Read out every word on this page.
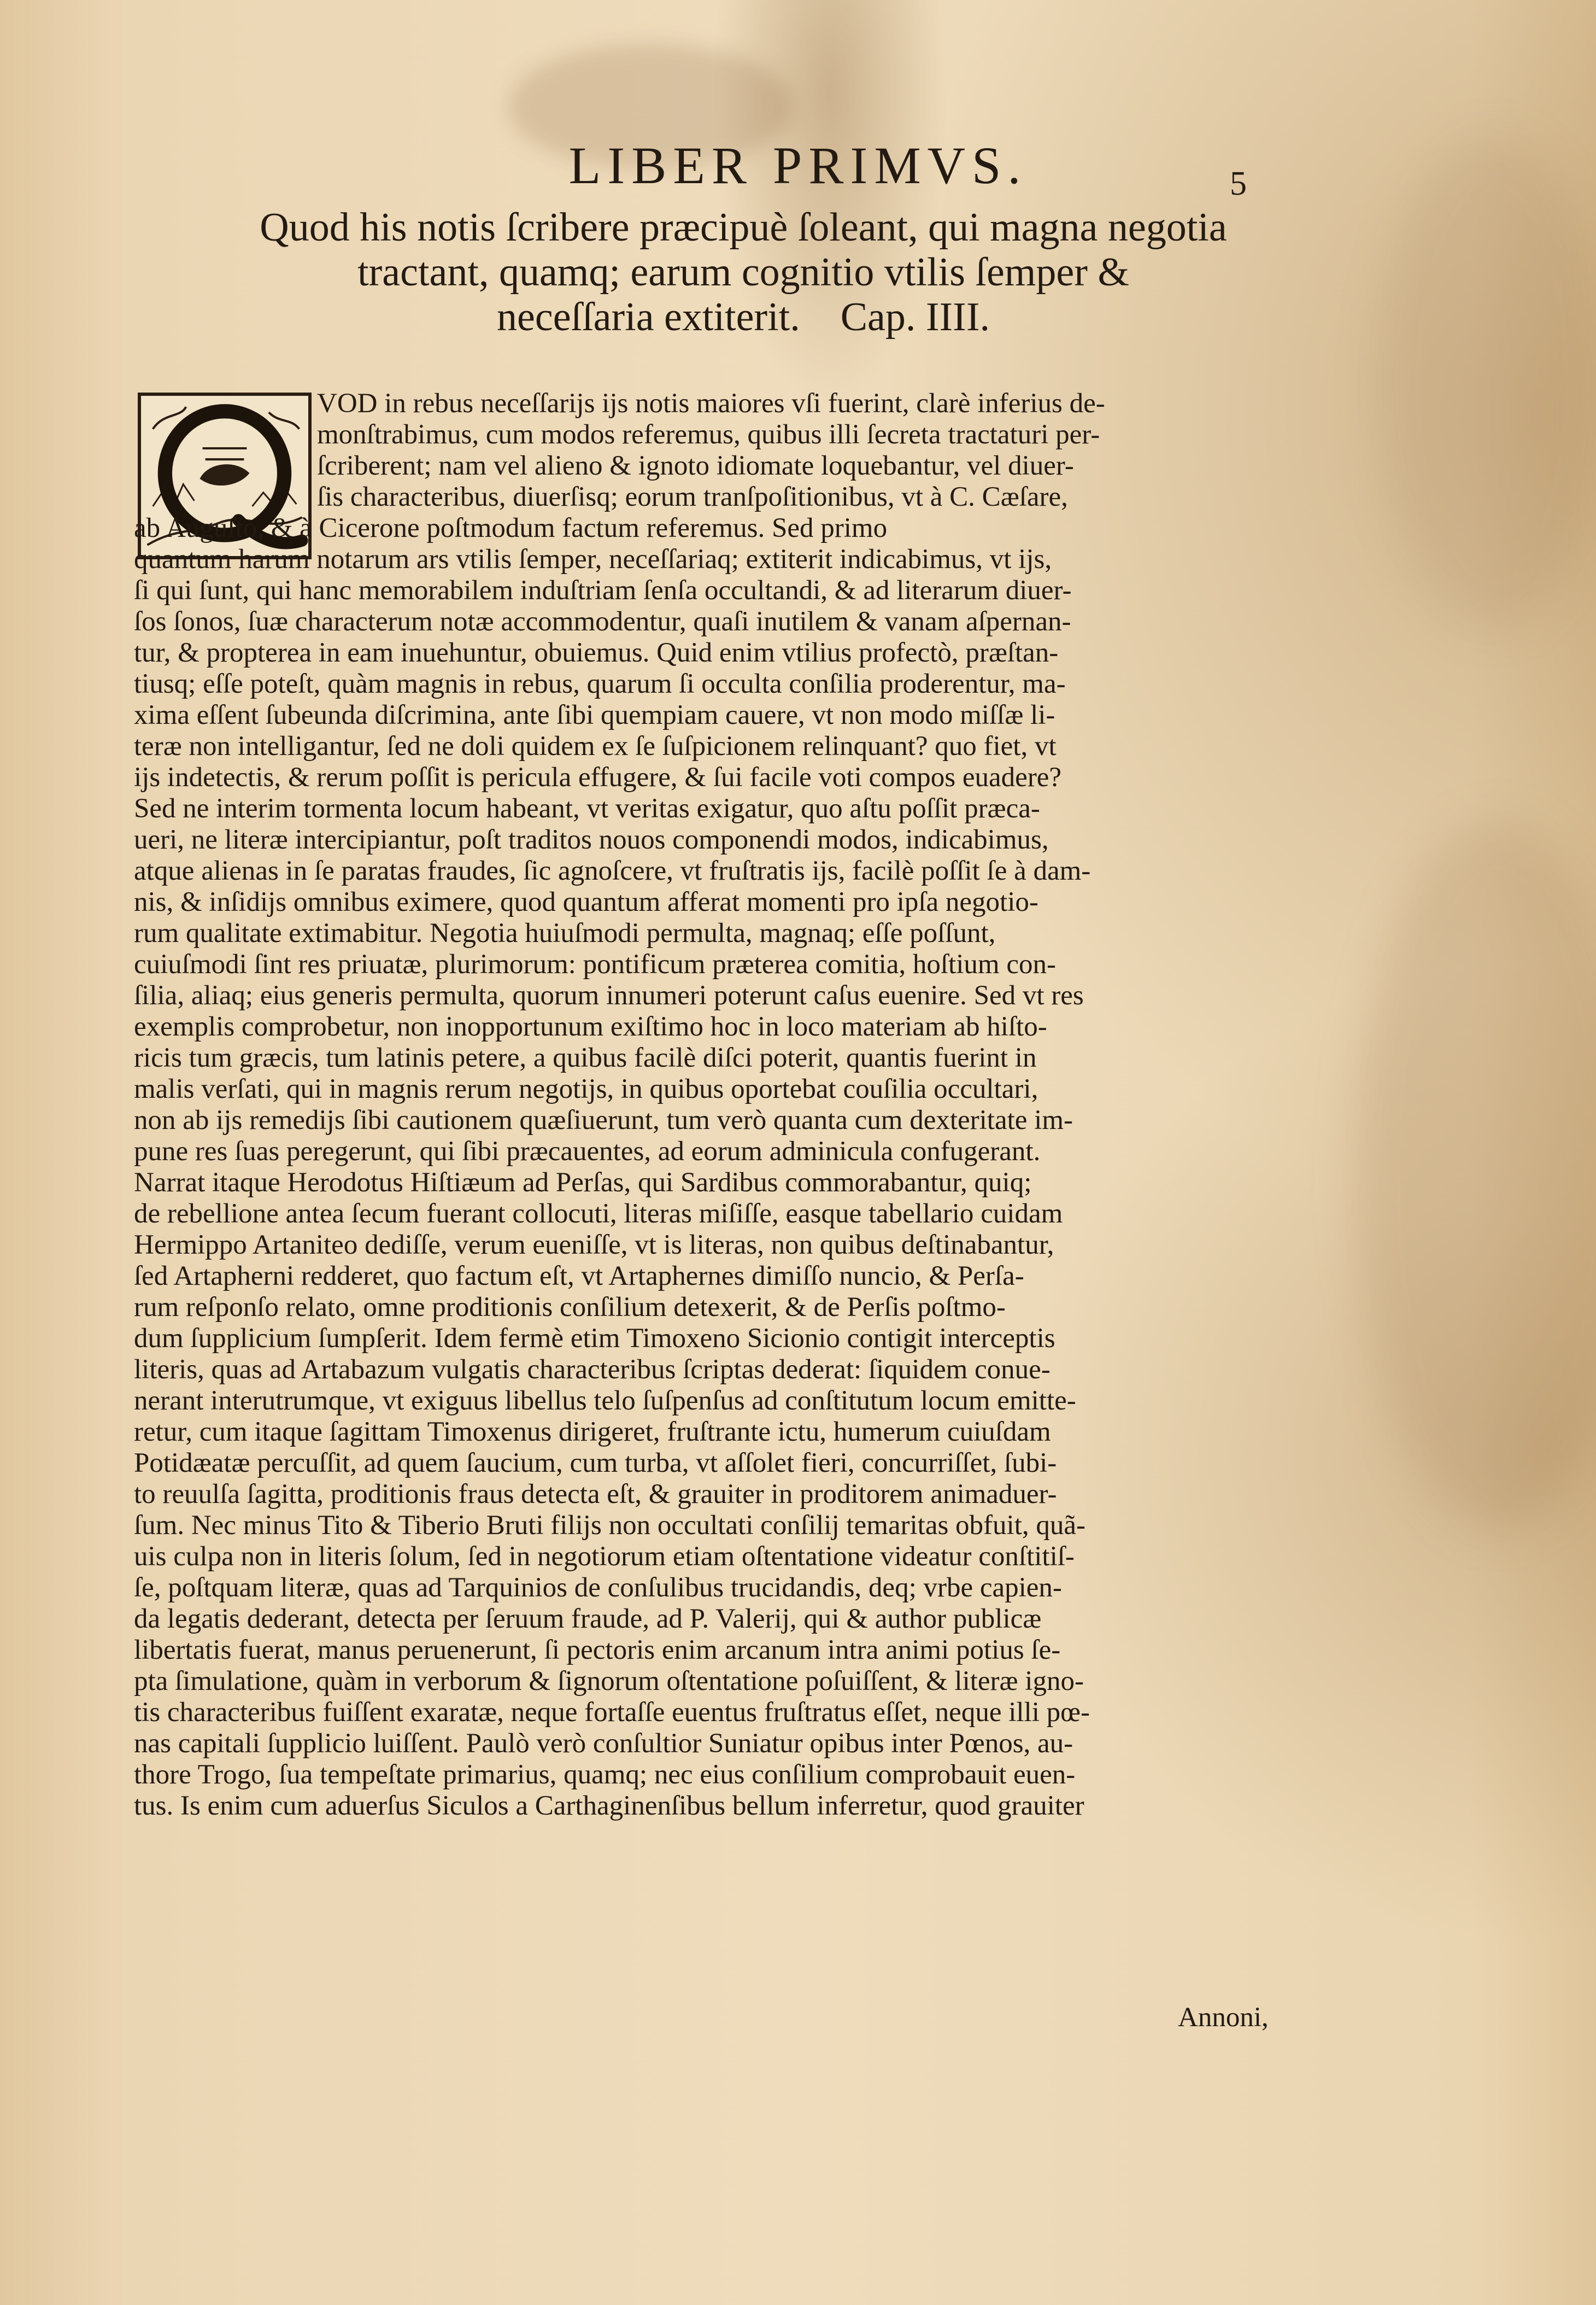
LIBER PRIMVS.	5
Quod his notis ſcribere præcipuè ſoleant, qui magna negotia
tractant, quamq; earum cognitio vtilis ſemper &
neceſſaria extiterit.    Cap. IIII.
VOD in rebus neceſſarijs ijs notis maiores vſi fuerint, clarè inferius de-
monſtrabimus, cum modos referemus, quibus illi ſecreta tractaturi per-
ſcriberent; nam vel alieno & ignoto idiomate loquebantur, vel diuer-
ſis characteribus, diuerſisq; eorum tranſpoſitionibus, vt à C. Cæſare,
ab Auguſto, & à Cicerone poſtmodum factum referemus. Sed primo
quantum harum notarum ars vtilis ſemper, neceſſariaq; extiterit indicabimus, vt ijs,
ſi qui ſunt, qui hanc memorabilem induſtriam ſenſa occultandi, & ad literarum diuer-
ſos ſonos, ſuæ characterum notæ accommodentur, quaſi inutilem & vanam aſpernan-
tur, & propterea in eam inuehuntur, obuiemus. Quid enim vtilius profectò, præſtan-
tiusq; eſſe poteſt, quàm magnis in rebus, quarum ſi occulta conſilia proderentur, ma-
xima eſſent ſubeunda diſcrimina, ante ſibi quempiam cauere, vt non modo miſſæ li-
teræ non intelligantur, ſed ne doli quidem ex ſe ſuſpicionem relinquant? quo fiet, vt
ijs indetectis, & rerum poſſit is pericula effugere, & ſui facile voti compos euadere?
Sed ne interim tormenta locum habeant, vt veritas exigatur, quo aſtu poſſit præca-
ueri, ne literæ intercipiantur, poſt traditos nouos componendi modos, indicabimus,
atque alienas in ſe paratas fraudes, ſic agnoſcere, vt fruſtratis ijs, facilè poſſit ſe à dam-
nis, & inſidijs omnibus eximere, quod quantum afferat momenti pro ipſa negotio-
rum qualitate extimabitur. Negotia huiuſmodi permulta, magnaq; eſſe poſſunt,
cuiuſmodi ſint res priuatæ, plurimorum: pontificum præterea comitia, hoſtium con-
ſilia, aliaq; eius generis permulta, quorum innumeri poterunt caſus euenire. Sed vt res
exemplis comprobetur, non inopportunum exiſtimo hoc in loco materiam ab hiſto-
ricis tum græcis, tum latinis petere, a quibus facilè diſci poterit, quantis fuerint in
malis verſati, qui in magnis rerum negotijs, in quibus oportebat couſilia occultari,
non ab ijs remedijs ſibi cautionem quæſiuerunt, tum verò quanta cum dexteritate im-
pune res ſuas peregerunt, qui ſibi præcauentes, ad eorum adminicula confugerant.
Narrat itaque Herodotus Hiſtiæum ad Perſas, qui Sardibus commorabantur, quiq;
de rebellione antea ſecum fuerant collocuti, literas miſiſſe, easque tabellario cuidam
Hermippo Artaniteo dediſſe, verum eueniſſe, vt is literas, non quibus deſtinabantur,
ſed Artapherni redderet, quo factum eſt, vt Artaphernes dimiſſo nuncio, & Perſa-
rum reſponſo relato, omne proditionis conſilium detexerit, & de Perſis poſtmo-
dum ſupplicium ſumpſerit. Idem fermè etim Timoxeno Sicionio contigit interceptis
literis, quas ad Artabazum vulgatis characteribus ſcriptas dederat: ſiquidem conue-
nerant interutrumque, vt exiguus libellus telo ſuſpenſus ad conſtitutum locum emitte-
retur, cum itaque ſagittam Timoxenus dirigeret, fruſtrante ictu, humerum cuiuſdam
Potidæatæ percuſſit, ad quem ſaucium, cum turba, vt aſſolet fieri, concurriſſet, ſubi-
to reuulſa ſagitta, proditionis fraus detecta eſt, & grauiter in proditorem animaduer-
ſum. Nec minus Tito & Tiberio Bruti filijs non occultati conſilij temaritas obfuit, quã-
uis culpa non in literis ſolum, ſed in negotiorum etiam oſtentatione videatur conſtitiſ-
ſe, poſtquam literæ, quas ad Tarquinios de conſulibus trucidandis, deq; vrbe capien-
da legatis dederant, detecta per ſeruum fraude, ad P. Valerij, qui & author publicæ
libertatis fuerat, manus peruenerunt, ſi pectoris enim arcanum intra animi potius ſe-
pta ſimulatione, quàm in verborum & ſignorum oſtentatione poſuiſſent, & literæ igno-
tis characteribus fuiſſent exaratæ, neque fortaſſe euentus fruſtratus eſſet, neque illi pœ-
nas capitali ſupplicio luiſſent. Paulò verò conſultior Suniatur opibus inter Pœnos, au-
thore Trogo, ſua tempeſtate primarius, quamq; nec eius conſilium comprobauit euen-
tus. Is enim cum aduerſus Siculos a Carthaginenſibus bellum inferretur, quod grauiter
Annoni,
